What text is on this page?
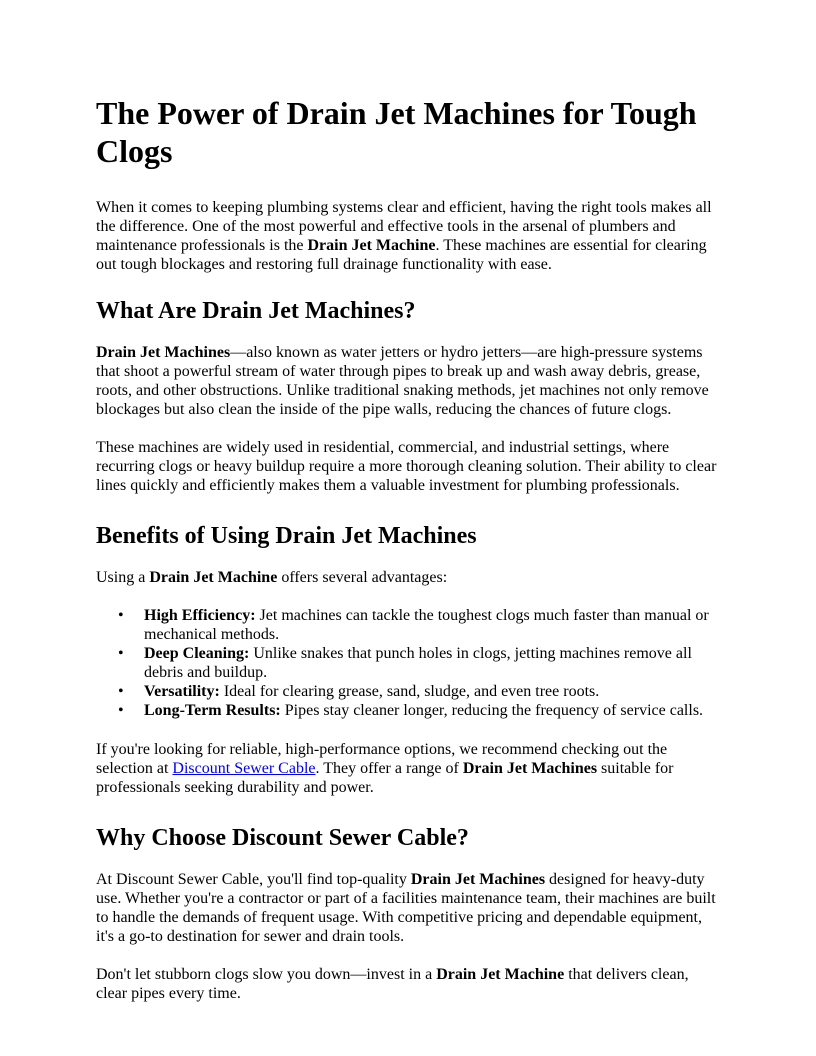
The Power of Drain Jet Machines for Tough Clogs

When it comes to keeping plumbing systems clear and efficient, having the right tools makes all the difference. One of the most powerful and effective tools in the arsenal of plumbers and maintenance professionals is the Drain Jet Machine. These machines are essential for clearing out tough blockages and restoring full drainage functionality with ease.

What Are Drain Jet Machines?

Drain Jet Machines—also known as water jetters or hydro jetters—are high-pressure systems that shoot a powerful stream of water through pipes to break up and wash away debris, grease, roots, and other obstructions. Unlike traditional snaking methods, jet machines not only remove blockages but also clean the inside of the pipe walls, reducing the chances of future clogs.

These machines are widely used in residential, commercial, and industrial settings, where recurring clogs or heavy buildup require a more thorough cleaning solution. Their ability to clear lines quickly and efficiently makes them a valuable investment for plumbing professionals.

Benefits of Using Drain Jet Machines

Using a Drain Jet Machine offers several advantages:

• High Efficiency: Jet machines can tackle the toughest clogs much faster than manual or mechanical methods.
• Deep Cleaning: Unlike snakes that punch holes in clogs, jetting machines remove all debris and buildup.
• Versatility: Ideal for clearing grease, sand, sludge, and even tree roots.
• Long-Term Results: Pipes stay cleaner longer, reducing the frequency of service calls.

If you're looking for reliable, high-performance options, we recommend checking out the selection at Discount Sewer Cable. They offer a range of Drain Jet Machines suitable for professionals seeking durability and power.

Why Choose Discount Sewer Cable?

At Discount Sewer Cable, you'll find top-quality Drain Jet Machines designed for heavy-duty use. Whether you're a contractor or part of a facilities maintenance team, their machines are built to handle the demands of frequent usage. With competitive pricing and dependable equipment, it's a go-to destination for sewer and drain tools.

Don't let stubborn clogs slow you down—invest in a Drain Jet Machine that delivers clean, clear pipes every time.
